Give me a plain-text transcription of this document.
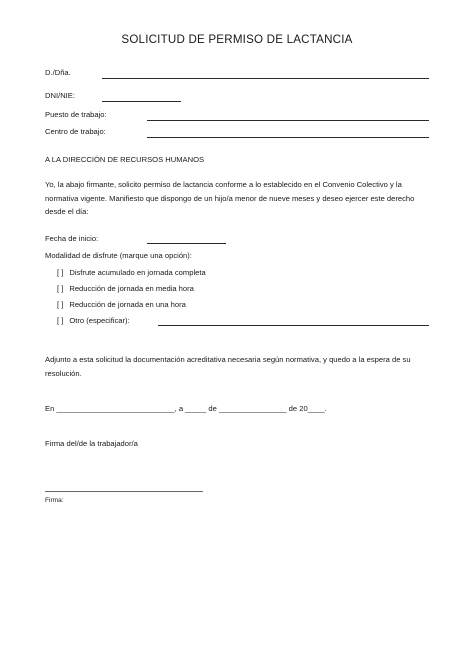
SOLICITUD DE PERMISO DE LACTANCIA
D./Dña.
DNI/NIE:
Puesto de trabajo:
Centro de trabajo:
A LA DIRECCIÓN DE RECURSOS HUMANOS
Yo, la abajo firmante, solicito permiso de lactancia conforme a lo establecido en el Convenio Colectivo y la normativa vigente. Manifiesto que dispongo de un hijo/a menor de nueve meses y deseo ejercer este derecho desde el día:
Fecha de inicio:
Modalidad de disfrute (marque una opción):
[ ] Disfrute acumulado en jornada completa
[ ] Reducción de jornada en media hora
[ ] Reducción de jornada en una hora
[ ] Otro (especificar):
Adjunto a esta solicitud la documentación acreditativa necesaria según normativa, y quedo a la espera de su resolución.
En ____________________________, a _____ de ________________ de 20____.
Firma del/de la trabajador/a
Firma:
